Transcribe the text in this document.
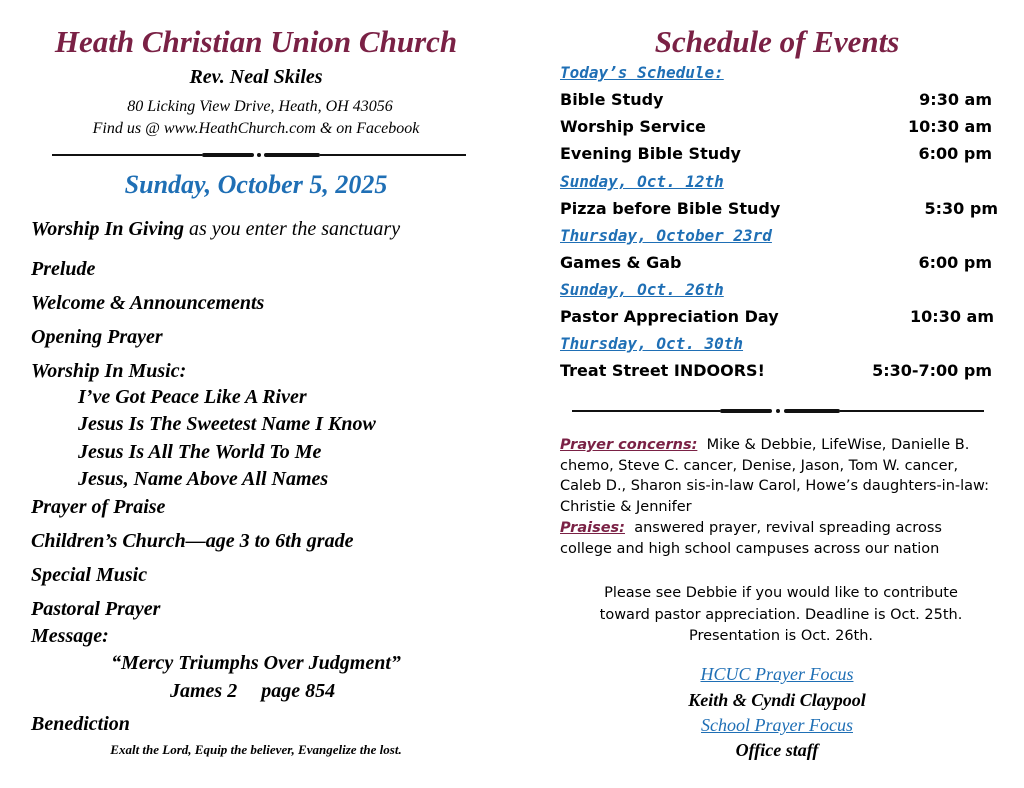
Heath Christian Union Church
Rev. Neal Skiles
80 Licking View Drive, Heath, OH 43056
Find us @ www.HeathChurch.com & on Facebook
Sunday, October 5, 2025
Worship In Giving as you enter the sanctuary
Prelude
Welcome & Announcements
Opening Prayer
Worship In Music:
I’ve Got Peace Like A River
Jesus Is The Sweetest Name I Know
Jesus Is All The World To Me
Jesus, Name Above All Names
Prayer of Praise
Children’s Church—age 3 to 6th grade
Special Music
Pastoral Prayer
Message:
“Mercy Triumphs Over Judgment”
James 2 page 854
Benediction
Exalt the Lord, Equip the believer, Evangelize the lost.
Schedule of Events
Today’s Schedule:
Bible Study	9:30 am
Worship Service	10:30 am
Evening Bible Study	6:00 pm
Sunday, Oct. 12th
Pizza before Bible Study	5:30 pm
Thursday, October 23rd
Games & Gab	6:00 pm
Sunday, Oct. 26th
Pastor Appreciation Day	10:30 am
Thursday, Oct. 30th
Treat Street INDOORS!	5:30-7:00 pm
Prayer concerns: Mike & Debbie, LifeWise, Danielle B. chemo, Steve C. cancer, Denise, Jason, Tom W. cancer, Caleb D., Sharon sis-in-law Carol, Howe’s daughters-in-law: Christie & Jennifer
Praises: answered prayer, revival spreading across college and high school campuses across our nation
Please see Debbie if you would like to contribute
toward pastor appreciation. Deadline is Oct. 25th.
Presentation is Oct. 26th.
HCUC Prayer Focus
Keith & Cyndi Claypool
School Prayer Focus
Office staff
